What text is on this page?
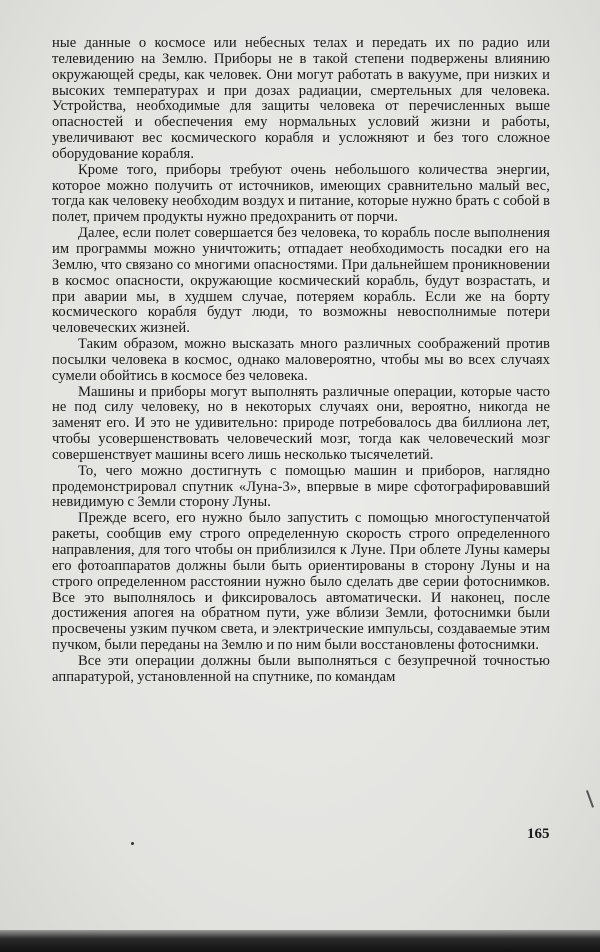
ные данные о космосе или небесных телах и передать их по радио или телевидению на Землю. Приборы не в такой степени подвержены влиянию окружающей среды, как человек. Они могут работать в вакууме, при низких и высоких температурах и при дозах радиации, смертельных для человека. Устройства, необходимые для защиты человека от перечисленных выше опасностей и обеспечения ему нормальных условий жизни и работы, увеличивают вес космического корабля и усложняют и без того сложное оборудование корабля.

Кроме того, приборы требуют очень небольшого количества энергии, которое можно получить от источников, имеющих сравнительно малый вес, тогда как человеку необходим воздух и питание, которые нужно брать с собой в полет, причем продукты нужно предохранить от порчи.

Далее, если полет совершается без человека, то корабль после выполнения им программы можно уничтожить; отпадает необходимость посадки его на Землю, что связано со многими опасностями. При дальнейшем проникновении в космос опасности, окружающие космический корабль, будут возрастать, и при аварии мы, в худшем случае, потеряем корабль. Если же на борту космического корабля будут люди, то возможны невосполнимые потери человеческих жизней.

Таким образом, можно высказать много различных соображений против посылки человека в космос, однако маловероятно, чтобы мы во всех случаях сумели обойтись в космосе без человека.

Машины и приборы могут выполнять различные операции, которые часто не под силу человеку, но в некоторых случаях они, вероятно, никогда не заменят его. И это не удивительно: природе потребовалось два биллиона лет, чтобы усовершенствовать человеческий мозг, тогда как человеческий мозг совершенствует машины всего лишь несколько тысячелетий.

То, чего можно достигнуть с помощью машин и приборов, наглядно продемонстрировал спутник «Луна-3», впервые в мире сфотографировавший невидимую с Земли сторону Луны.

Прежде всего, его нужно было запустить с помощью многоступенчатой ракеты, сообщив ему строго определенную скорость строго определенного направления, для того чтобы он приблизился к Луне. При облете Луны камеры его фотоаппаратов должны были быть ориентированы в сторону Луны и на строго определенном расстоянии нужно было сделать две серии фотоснимков. Все это выполнялось и фиксировалось автоматически. И наконец, после достижения апогея на обратном пути, уже вблизи Земли, фотоснимки были просвечены узким пучком света, и электрические импульсы, создаваемые этим пучком, были переданы на Землю и по ним были восстановлены фотоснимки.

Все эти операции должны были выполняться с безупречной точностью аппаратурой, установленной на спутнике, по командам

165
